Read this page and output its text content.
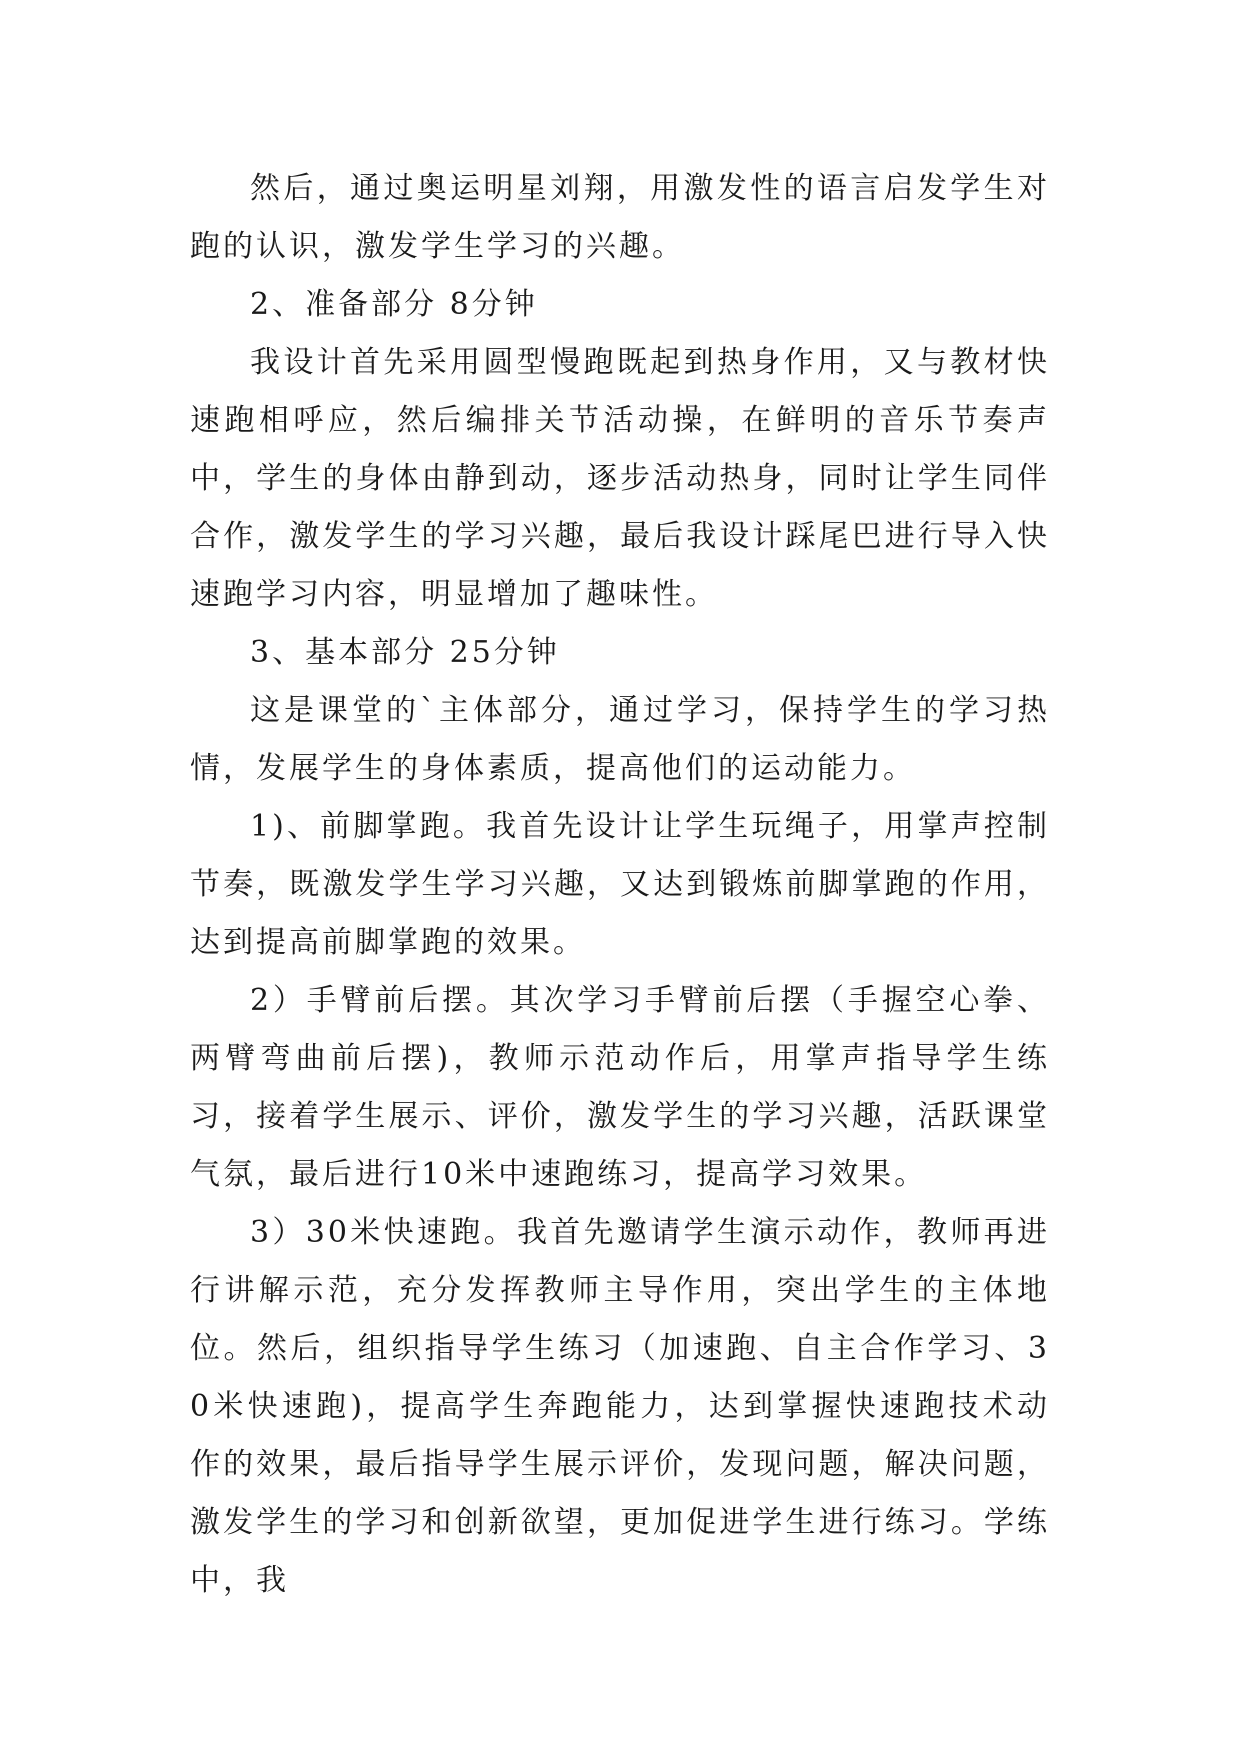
然后，通过奥运明星刘翔，用激发性的语言启发学生对跑的认识，激发学生学习的兴趣。

2、准备部分 8分钟

我设计首先采用圆型慢跑既起到热身作用，又与教材快速跑相呼应，然后编排关节活动操，在鲜明的音乐节奏声中，学生的身体由静到动，逐步活动热身，同时让学生同伴合作，激发学生的学习兴趣，最后我设计踩尾巴进行导入快速跑学习内容，明显增加了趣味性。

3、基本部分 25分钟

这是课堂的`主体部分，通过学习，保持学生的学习热情，发展学生的身体素质，提高他们的运动能力。

1)、前脚掌跑。我首先设计让学生玩绳子，用掌声控制节奏，既激发学生学习兴趣，又达到锻炼前脚掌跑的作用，达到提高前脚掌跑的效果。

2）手臂前后摆。其次学习手臂前后摆（手握空心拳、两臂弯曲前后摆)，教师示范动作后，用掌声指导学生练习，接着学生展示、评价，激发学生的学习兴趣，活跃课堂气氛，最后进行10米中速跑练习，提高学习效果。

3）30米快速跑。我首先邀请学生演示动作，教师再进行讲解示范，充分发挥教师主导作用，突出学生的主体地位。然后，组织指导学生练习（加速跑、自主合作学习、30米快速跑)，提高学生奔跑能力，达到掌握快速跑技术动作的效果，最后指导学生展示评价，发现问题，解决问题，激发学生的学习和创新欲望，更加促进学生进行练习。学练中，我
